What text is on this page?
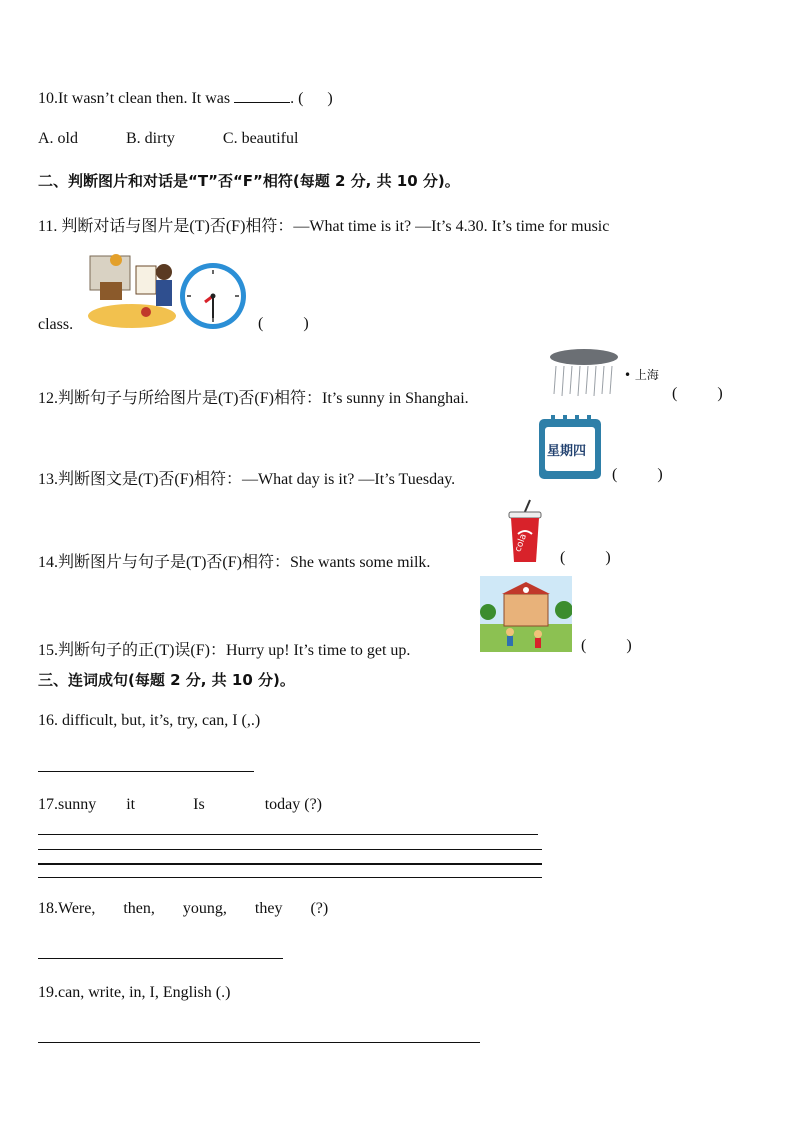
10.It wasn’t clean then. It was	. (      )
A. old	B. dirty	C. beautiful
二、判断图片和对话是“T”否“F”相符(每题 2 分, 共 10 分)。
11. 判断对话与图片是(T)否(F)相符：—What time is it? —It’s 4.30. It’s time for music
class.	(          )
12.判断句子与所给图片是(T)否(F)相符：It’s sunny in Shanghai.
• 上海
(          )
13.判断图文是(T)否(F)相符：—What day is it? —It’s Tuesday.
星期四
(          )
14.判断图片与句子是(T)否(F)相符：She wants some milk.
cola
(          )
15.判断句子的正(T)误(F)：Hurry up! It’s time to get up.	(          )
三、连词成句(每题 2 分, 共 10 分)。
16. difficult, but, it’s, try, can, I (,.)
17.sunny it	Is	today (?)
18.Were, then, young, they (?)
19.can, write, in, I, English (.)
